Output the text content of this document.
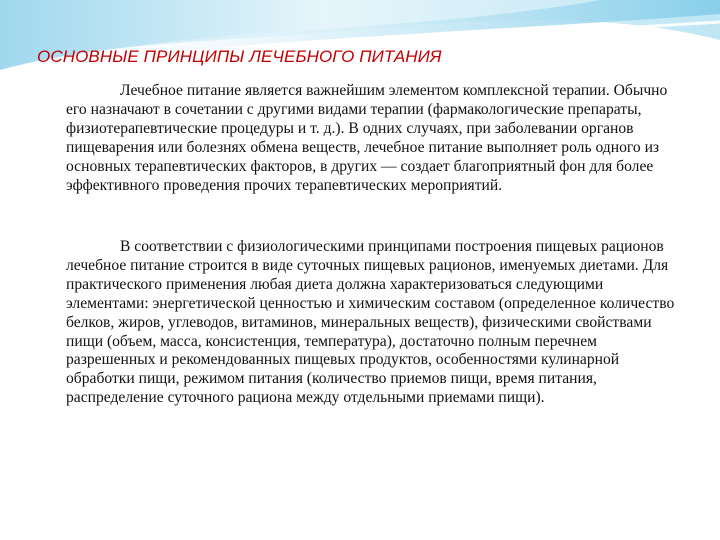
ОСНОВНЫЕ ПРИНЦИПЫ ЛЕЧЕБНОГО ПИТАНИЯ

Лечебное питание является важнейшим элементом комплексной терапии. Обычно его назначают в сочетании с другими видами терапии (фармакологические препараты, физиотерапевтические процедуры и т. д.). В одних случаях, при заболевании органов пищеварения или болезнях обмена веществ, лечебное питание выполняет роль одного из основных терапевтических факторов, в других — создает благоприятный фон для более эффективного проведения прочих терапевтических мероприятий.

В соответствии с физиологическими принципами построения пищевых рационов лечебное питание строится в виде суточных пищевых рационов, именуемых диетами. Для практического применения любая диета должна характеризоваться следующими элементами: энергетической ценностью и химическим составом (определенное количество белков, жиров, углеводов, витаминов, минеральных веществ), физическими свойствами пищи (объем, масса, консистенция, температура), достаточно полным перечнем разрешенных и рекомендованных пищевых продуктов, особенностями кулинарной обработки пищи, режимом питания (количество приемов пищи, время питания, распределение суточного рациона между отдельными приемами пищи).
